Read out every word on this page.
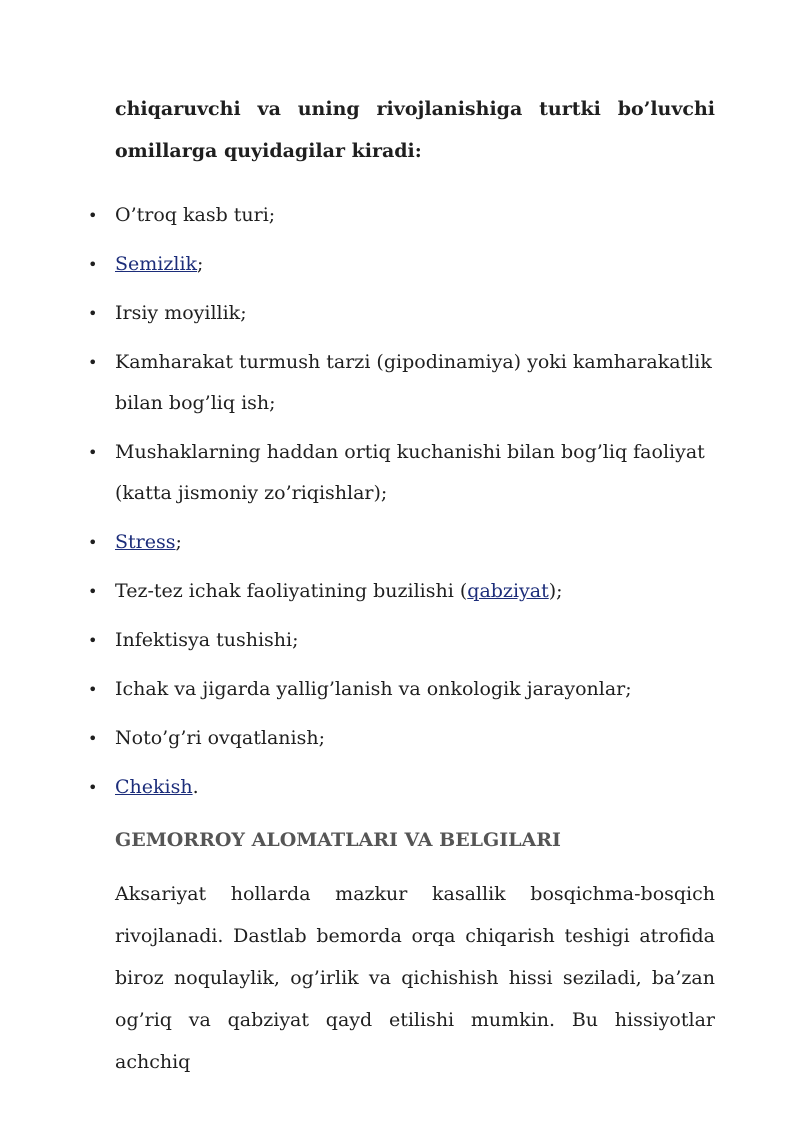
chiqaruvchi va uning rivojlanishiga turtki bo’luvchi omillarga quyidagilar kiradi:
• O’troq kasb turi;
• Semizlik;
• Irsiy moyillik;
• Kamharakat turmush tarzi (gipodinamiya) yoki kamharakatlik bilan bog’liq ish;
• Mushaklarning haddan ortiq kuchanishi bilan bog’liq faoliyat (katta jismoniy zo’riqishlar);
• Stress;
• Tez-tez ichak faoliyatining buzilishi (qabziyat);
• Infektisya tushishi;
• Ichak va jigarda yallig’lanish va onkologik jarayonlar;
• Noto’g’ri ovqatlanish;
• Chekish.
GEMORROY ALOMATLARI VA BELGILARI
Aksariyat hollarda mazkur kasallik bosqichma-bosqich rivojlanadi. Dastlab bemorda orqa chiqarish teshigi atrofida biroz noqulaylik, og’irlik va qichishish hissi seziladi, ba’zan og’riq va qabziyat qayd etilishi mumkin. Bu hissiyotlar achchiq
